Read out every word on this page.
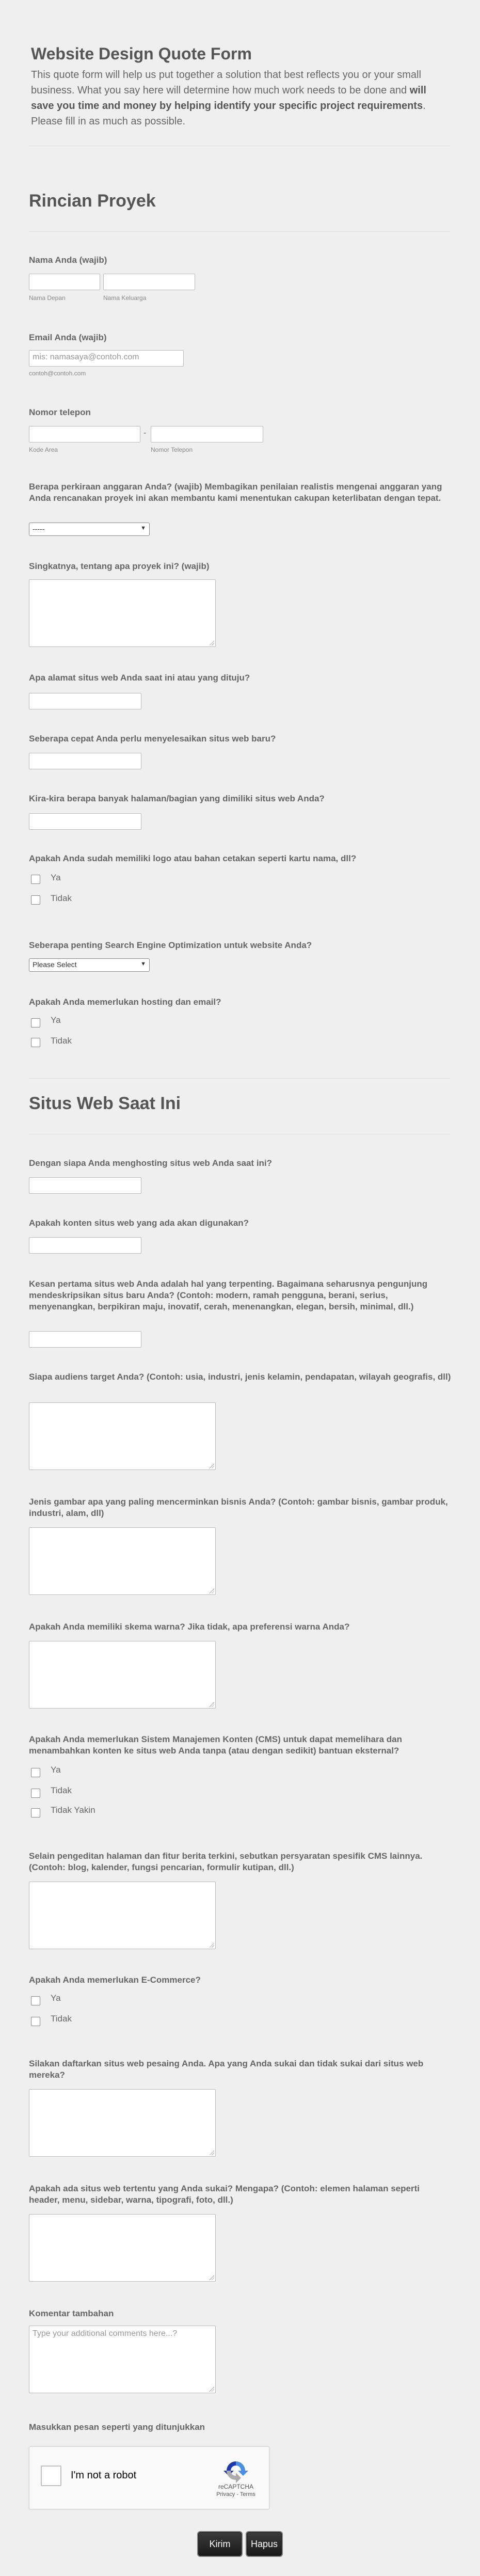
Website Design Quote Form
This quote form will help us put together a solution that best reflects you or your small business. What you say here will determine how much work needs to be done and will save you time and money by helping identify your specific project requirements. Please fill in as much as possible.
Rincian Proyek
Nama Anda (wajib)
Nama Depan	Nama Keluarga
Email Anda (wajib)
mis: namasaya@contoh.com
contoh@contoh.com
Nomor telepon
-
Kode Area	Nomor Telepon
Berapa perkiraan anggaran Anda? (wajib) Membagikan penilaian realistis mengenai anggaran yang Anda rencanakan proyek ini akan membantu kami menentukan cakupan keterlibatan dengan tepat.
-----	▼
Singkatnya, tentang apa proyek ini? (wajib)
Apa alamat situs web Anda saat ini atau yang dituju?
Seberapa cepat Anda perlu menyelesaikan situs web baru?
Kira-kira berapa banyak halaman/bagian yang dimiliki situs web Anda?
Apakah Anda sudah memiliki logo atau bahan cetakan seperti kartu nama, dll?
Ya
Tidak
Seberapa penting Search Engine Optimization untuk website Anda?
Please Select	▼
Apakah Anda memerlukan hosting dan email?
Ya
Tidak
Situs Web Saat Ini
Dengan siapa Anda menghosting situs web Anda saat ini?
Apakah konten situs web yang ada akan digunakan?
Kesan pertama situs web Anda adalah hal yang terpenting. Bagaimana seharusnya pengunjung mendeskripsikan situs baru Anda? (Contoh: modern, ramah pengguna, berani, serius, menyenangkan, berpikiran maju, inovatif, cerah, menenangkan, elegan, bersih, minimal, dll.)
Siapa audiens target Anda? (Contoh: usia, industri, jenis kelamin, pendapatan, wilayah geografis, dll)
Jenis gambar apa yang paling mencerminkan bisnis Anda? (Contoh: gambar bisnis, gambar produk, industri, alam, dll)
Apakah Anda memiliki skema warna? Jika tidak, apa preferensi warna Anda?
Apakah Anda memerlukan Sistem Manajemen Konten (CMS) untuk dapat memelihara dan menambahkan konten ke situs web Anda tanpa (atau dengan sedikit) bantuan eksternal?
Ya
Tidak
Tidak Yakin
Selain pengeditan halaman dan fitur berita terkini, sebutkan persyaratan spesifik CMS lainnya. (Contoh: blog, kalender, fungsi pencarian, formulir kutipan, dll.)
Apakah Anda memerlukan E-Commerce?
Ya
Tidak
Silakan daftarkan situs web pesaing Anda. Apa yang Anda sukai dan tidak sukai dari situs web mereka?
Apakah ada situs web tertentu yang Anda sukai? Mengapa? (Contoh: elemen halaman seperti header, menu, sidebar, warna, tipografi, foto, dll.)
Komentar tambahan
Type your additional comments here...?
Masukkan pesan seperti yang ditunjukkan
I'm not a robot
reCAPTCHA
Privacy - Terms
Kirim	Hapus
